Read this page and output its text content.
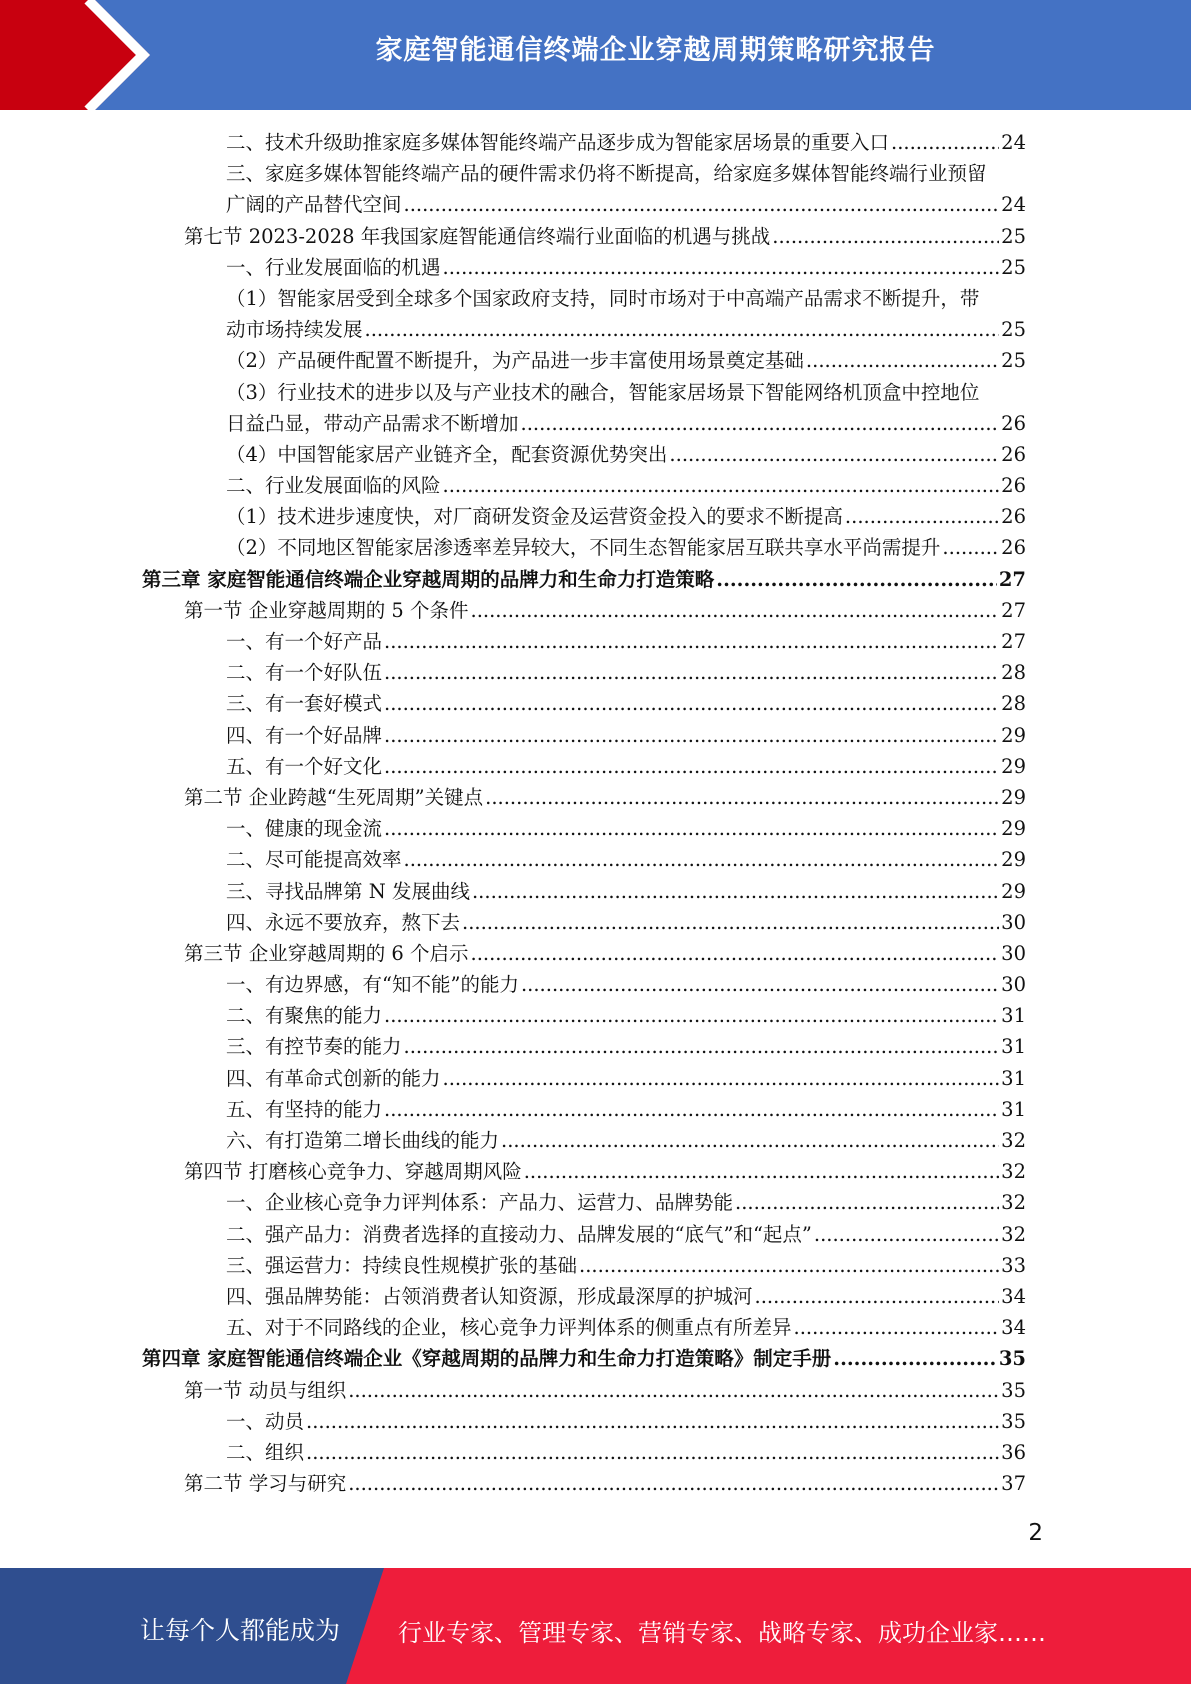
家庭智能通信终端企业穿越周期策略研究报告
二、技术升级助推家庭多媒体智能终端产品逐步成为智能家居场景的重要入口 .....	24
三、家庭多媒体智能终端产品的硬件需求仍将不断提高，给家庭多媒体智能终端行业预留
广阔的产品替代空间 .....	24
第七节 2023-2028 年我国家庭智能通信终端行业面临的机遇与挑战 .....	25
一、行业发展面临的机遇 .....	25
（1）智能家居受到全球多个国家政府支持，同时市场对于中高端产品需求不断提升，带
动市场持续发展 .....	25
（2）产品硬件配置不断提升，为产品进一步丰富使用场景奠定基础 .....	25
（3）行业技术的进步以及与产业技术的融合，智能家居场景下智能网络机顶盒中控地位
日益凸显，带动产品需求不断增加 .....	26
（4）中国智能家居产业链齐全，配套资源优势突出 .....	26
二、行业发展面临的风险 .....	26
（1）技术进步速度快，对厂商研发资金及运营资金投入的要求不断提高 .....	26
（2）不同地区智能家居渗透率差异较大，不同生态智能家居互联共享水平尚需提升 .....	26
第三章 家庭智能通信终端企业穿越周期的品牌力和生命力打造策略 .....	27
第一节 企业穿越周期的 5 个条件 .....	27
一、有一个好产品 .....	27
二、有一个好队伍 .....	28
三、有一套好模式 .....	28
四、有一个好品牌 .....	29
五、有一个好文化 .....	29
第二节 企业跨越“生死周期”关键点 .....	29
一、健康的现金流 .....	29
二、尽可能提高效率 .....	29
三、寻找品牌第 N 发展曲线 .....	29
四、永远不要放弃，熬下去 .....	30
第三节 企业穿越周期的 6 个启示 .....	30
一、有边界感，有“知不能”的能力 .....	30
二、有聚焦的能力 .....	31
三、有控节奏的能力 .....	31
四、有革命式创新的能力 .....	31
五、有坚持的能力 .....	31
六、有打造第二增长曲线的能力 .....	32
第四节 打磨核心竞争力、穿越周期风险 .....	32
一、企业核心竞争力评判体系：产品力、运营力、品牌势能 .....	32
二、强产品力：消费者选择的直接动力、品牌发展的“底气”和“起点” .....	32
三、强运营力：持续良性规模扩张的基础 .....	33
四、强品牌势能：占领消费者认知资源，形成最深厚的护城河 .....	34
五、对于不同路线的企业，核心竞争力评判体系的侧重点有所差异 .....	34
第四章 家庭智能通信终端企业《穿越周期的品牌力和生命力打造策略》制定手册 .....	35
第一节 动员与组织 .....	35
一、动员 .....	35
二、组织 .....	36
第二节 学习与研究 .....	37
2
让每个人都能成为 行业专家、管理专家、营销专家、战略专家、成功企业家……
